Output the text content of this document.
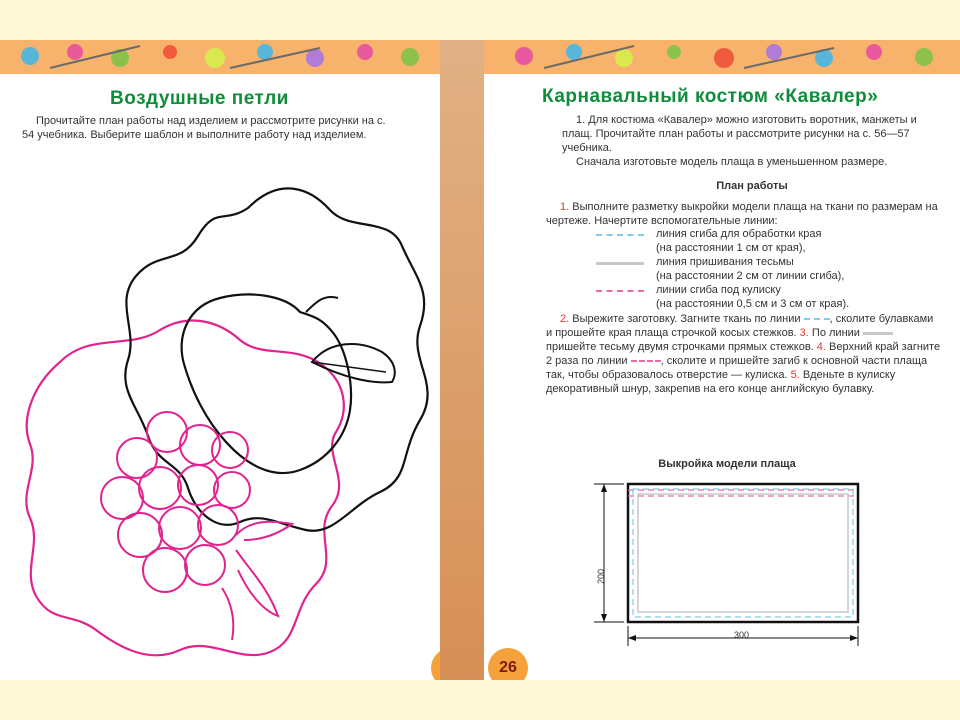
Воздушные петли

Прочитайте план работы над изделием и рассмотрите рисунки на с. 54 учебника. Выберите шаблон и выполните работу над изделием.

26
Карнавальный костюм «Кавалер»

1. Для костюма «Кавалер» можно изготовить воротник, манжеты и плащ. Прочитайте план работы и рассмотрите рисунки на с. 56—57 учебника.

Сначала изготовьте модель плаща в уменьшенном размере.

План работы

1. Выполните разметку выкройки модели плаща на ткани по размерам на чертеже. Начертите вспомогательные линии:

линия сгиба для обработки края
(на расстоянии 1 см от края),
линия пришивания тесьмы
(на расстоянии 2 см от линии сгиба),
линии сгиба под кулиску
(на расстоянии 0,5 см и 3 см от края).

2. Вырежите заготовку. Загните ткань по линии	, сколите булавками и прошейте края плаща строчкой косых стежков. 3. По линии  пришейте тесьму двумя строчками прямых стежков. 4. Верхний край загните 2 раза по линии	, сколите и пришейте загиб к основной части плаща так, чтобы образовалось отверстие — кулиска. 5. Вденьте в кулиску декоративный шнур, закрепив на его конце английскую булавку.

Выкройка модели плаща
200
300
